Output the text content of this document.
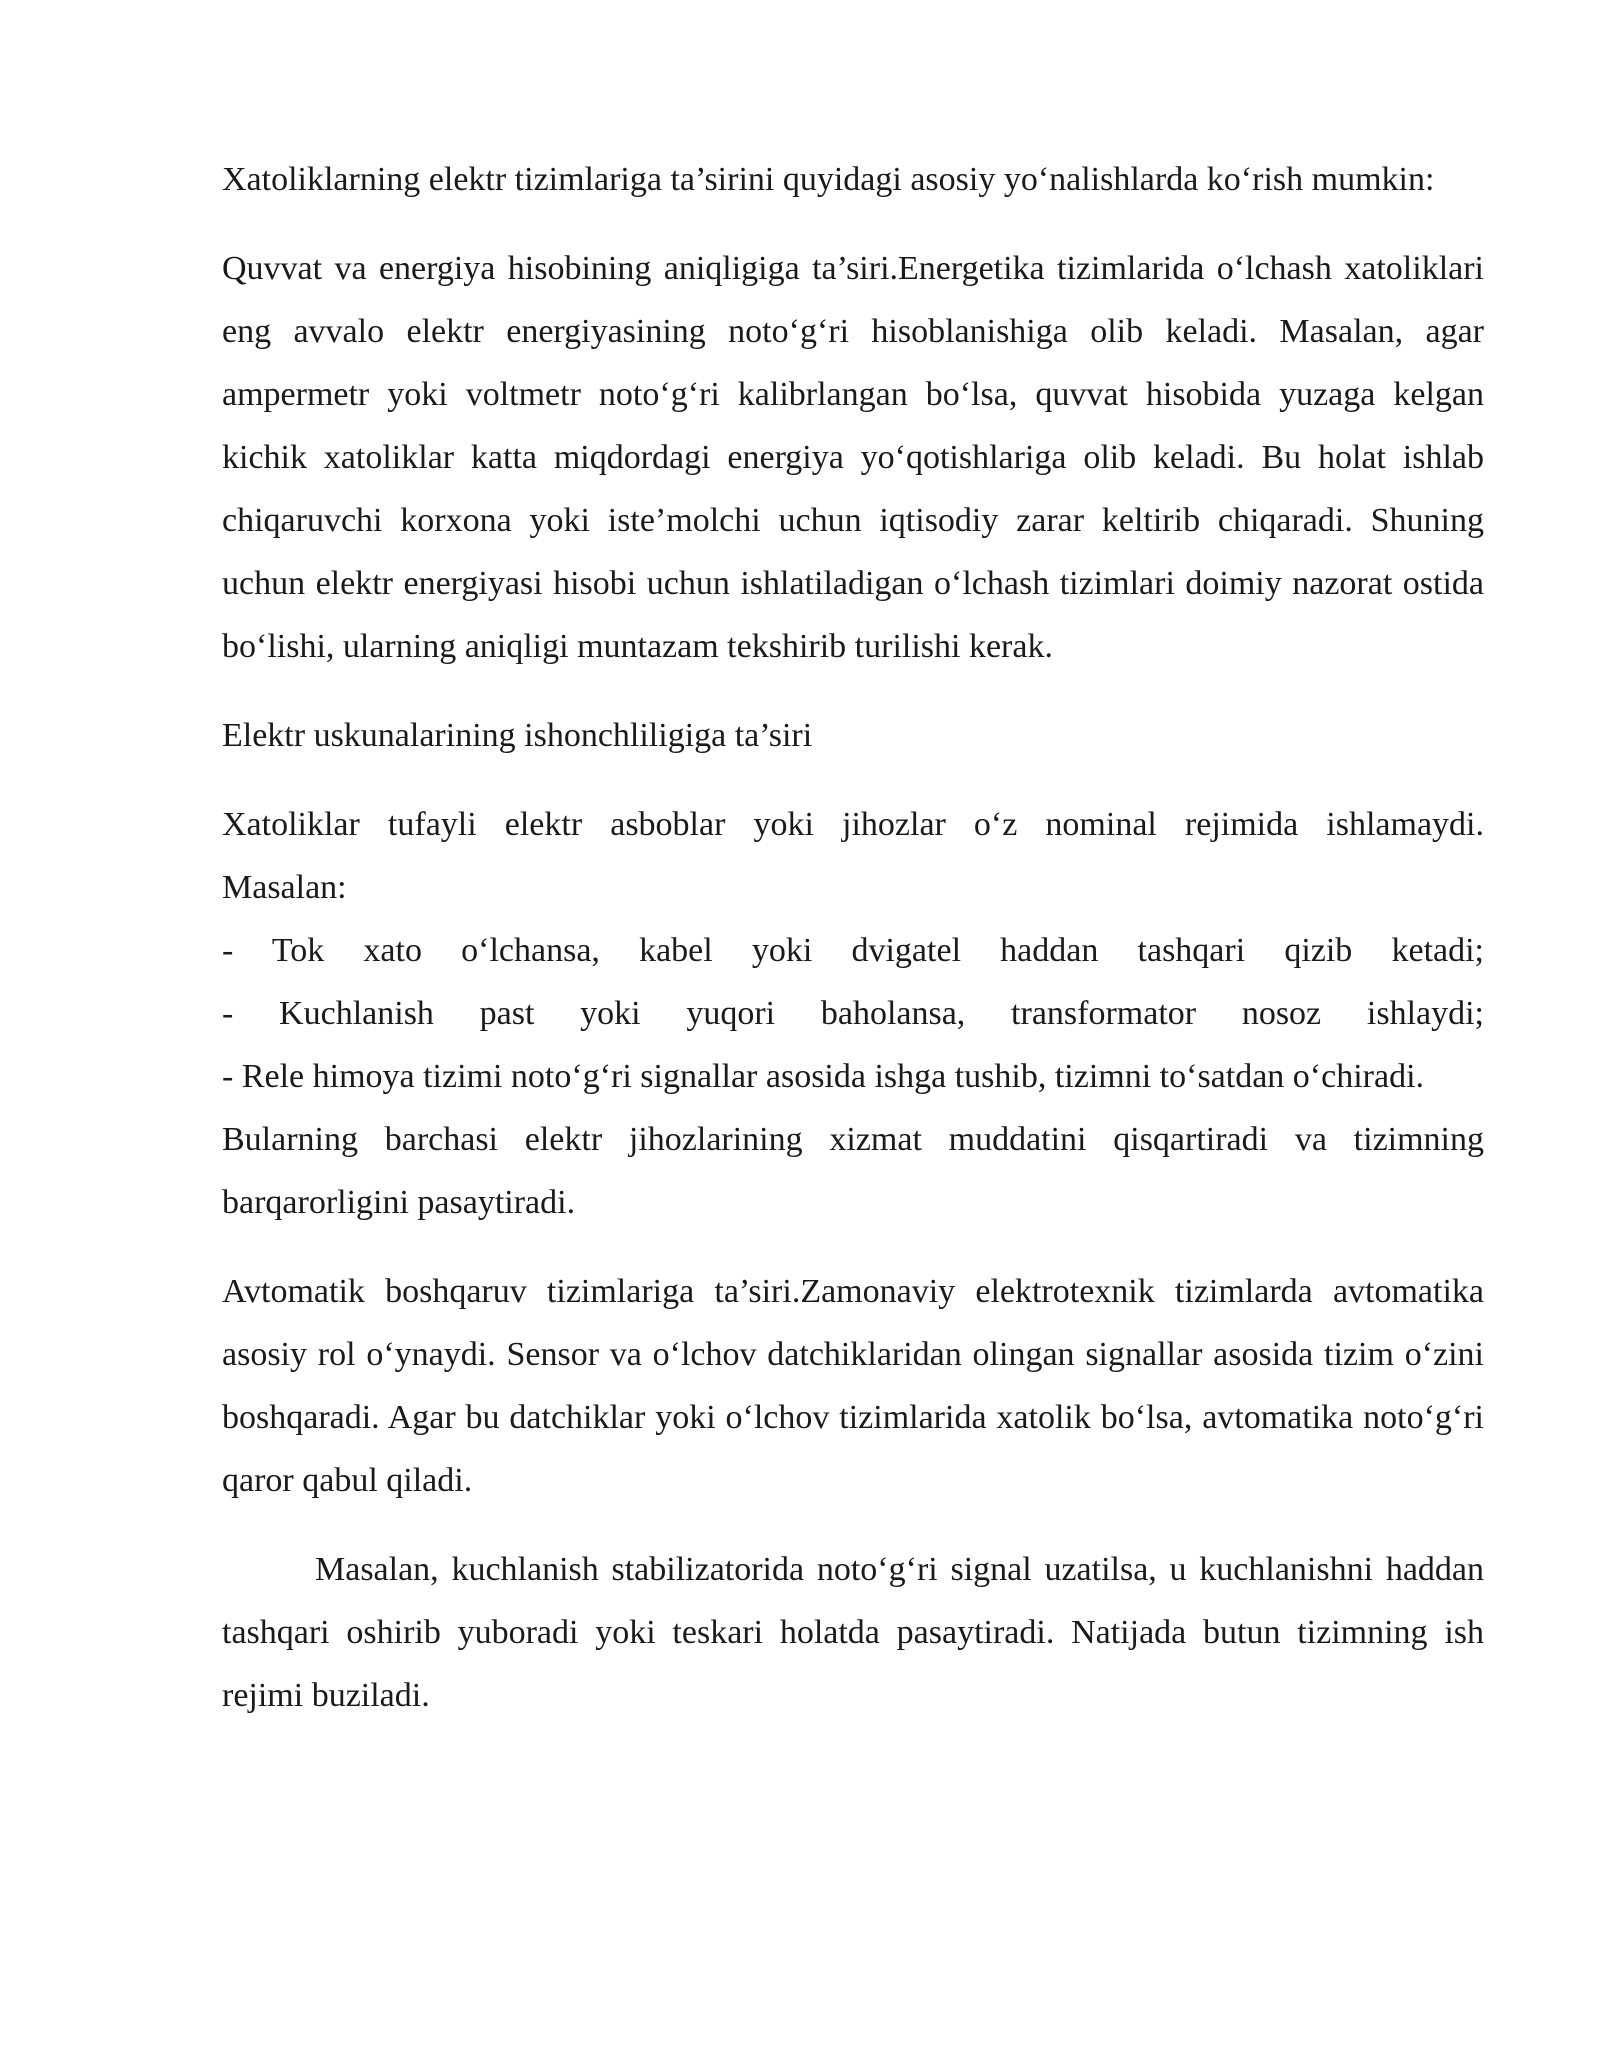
Xatoliklarning elektr tizimlariga ta’sirini quyidagi asosiy yo‘nalishlarda ko‘rish mumkin:

Quvvat va energiya hisobining aniqligiga ta’siri.Energetika tizimlarida o‘lchash xatoliklari eng avvalo elektr energiyasining noto‘g‘ri hisoblanishiga olib keladi. Masalan, agar ampermetr yoki voltmetr noto‘g‘ri kalibrlangan bo‘lsa, quvvat hisobida yuzaga kelgan kichik xatoliklar katta miqdordagi energiya yo‘qotishlariga olib keladi. Bu holat ishlab chiqaruvchi korxona yoki iste’molchi uchun iqtisodiy zarar keltirib chiqaradi. Shuning uchun elektr energiyasi hisobi uchun ishlatiladigan o‘lchash tizimlari doimiy nazorat ostida bo‘lishi, ularning aniqligi muntazam tekshirib turilishi kerak.

Elektr uskunalarining ishonchliligiga ta’siri

Xatoliklar tufayli elektr asboblar yoki jihozlar o‘z nominal rejimida ishlamaydi.
Masalan:
- Tok xato o‘lchansa, kabel yoki dvigatel haddan tashqari qizib ketadi;
- Kuchlanish past yoki yuqori baholansa, transformator nosoz ishlaydi;
- Rele himoya tizimi noto‘g‘ri signallar asosida ishga tushib, tizimni to‘satdan o‘chiradi.
Bularning barchasi elektr jihozlarining xizmat muddatini qisqartiradi va tizimning barqarorligini pasaytiradi.

Avtomatik boshqaruv tizimlariga ta’siri.Zamonaviy elektrotexnik tizimlarda avtomatika asosiy rol o‘ynaydi. Sensor va o‘lchov datchiklaridan olingan signallar asosida tizim o‘zini boshqaradi. Agar bu datchiklar yoki o‘lchov tizimlarida xatolik bo‘lsa, avtomatika noto‘g‘ri qaror qabul qiladi.

Masalan, kuchlanish stabilizatorida noto‘g‘ri signal uzatilsa, u kuchlanishni haddan tashqari oshirib yuboradi yoki teskari holatda pasaytiradi. Natijada butun tizimning ish rejimi buziladi.
